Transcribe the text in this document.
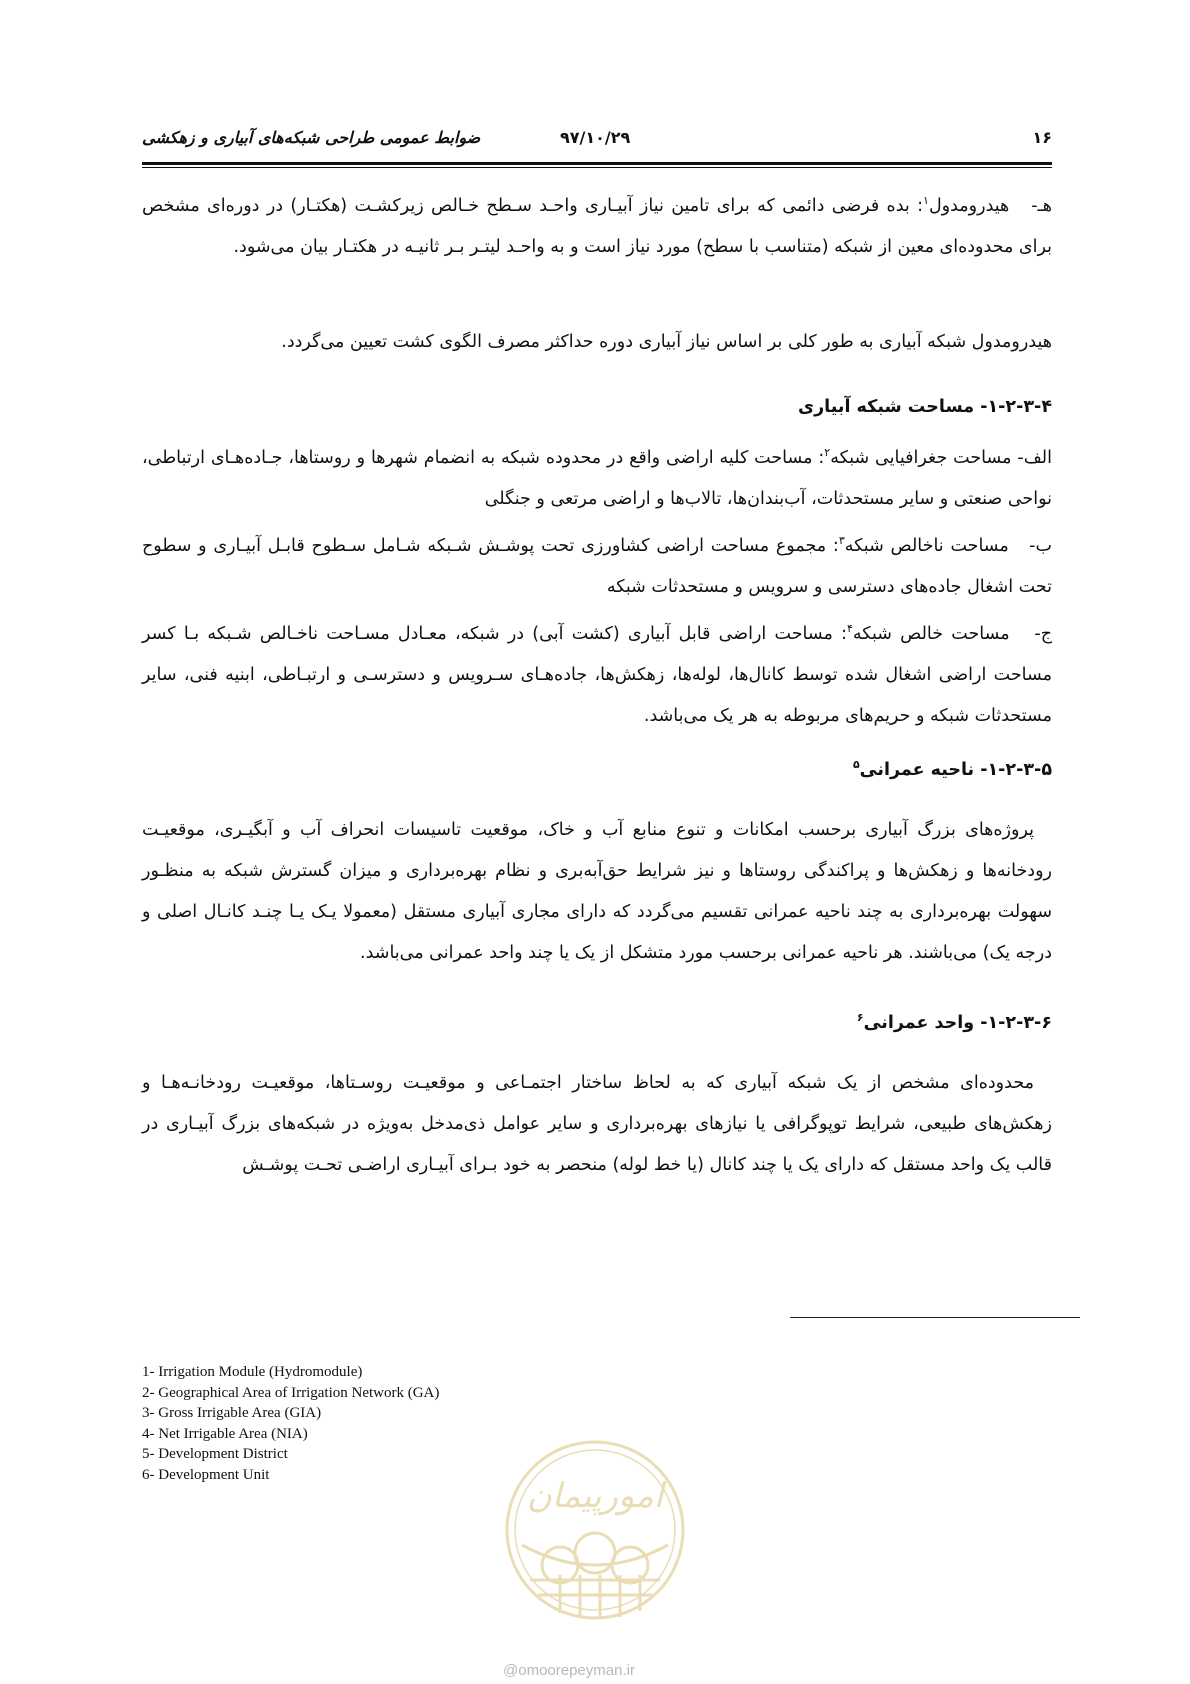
۱۶
۹۷/۱۰/۲۹
ضوابط عمومی طراحی شبکه‌های آبیاری و زهکشی
هـ-   هیدرومدول$^۱$: بده فرضی دائمی که برای تامین نیاز آبیـاری واحـد سـطح خـالص زیرکشـت (هکتـار) در دوره‌ای مشخص برای محدوده‌ای معین از شبکه (متناسب با سطح) مورد نیاز است و به واحـد لیتـر بـر ثانیـه در هکتـار بیان می‌شود.
هیدرومدول شبکه آبیاری به طور کلی بر اساس نیاز آبیاری دوره حداکثر مصرف الگوی کشت تعیین می‌گردد.
۱-۲-۳-۴- مساحت شبکه آبیاری
الف- مساحت جغرافیایی شبکه$^۲$: مساحت کلیه اراضی واقع در محدوده شبکه به انضمام شهرها و روستاها، جـاده‌هـای ارتباطی، نواحی صنعتی و سایر مستحدثات، آب‌بندان‌ها، تالاب‌ها و اراضی مرتعی و جنگلی
ب-   مساحت ناخالص شبکه$^۳$: مجموع مساحت اراضی کشاورزی تحت پوشـش شـبکه شـامل سـطوح قابـل آبیـاری و سطوح تحت اشغال جاده‌های دسترسی و سرویس و مستحدثات شبکه
ج-   مساحت خالص شبکه$^۴$: مساحت اراضی قابل آبیاری (کشت آبی) در شبکه، معـادل مسـاحت ناخـالص شـبکه بـا کسر مساحت اراضی اشغال شده توسط کانال‌ها، لوله‌ها، زهکش‌ها، جاده‌هـای سـرویس و دسترسـی و ارتبـاطی، ابنیه فنی، سایر مستحدثات شبکه و حریم‌های مربوطه به هر یک می‌باشد.
۱-۲-۳-۵- ناحیه عمرانی$^۵$
پروژه‌های بزرگ آبیاری برحسب امکانات و تنوع منابع آب و خاک، موقعیت تاسیسات انحراف آب و آبگیـری، موقعیـت رودخانه‌ها و زهکش‌ها و پراکندگی روستاها و نیز شرایط حق‌آبه‌بری و نظام بهره‌برداری و میزان گسترش شبکه به منظـور سهولت بهره‌برداری به چند ناحیه عمرانی تقسیم می‌گردد که دارای مجاری آبیاری مستقل (معمولا یـک یـا چنـد کانـال اصلی و درجه یک) می‌باشند. هر ناحیه عمرانی برحسب مورد متشکل از یک یا چند واحد عمرانی می‌باشد.
۱-۲-۳-۶- واحد عمرانی$^۶$
محدوده‌ای مشخص از یک شبکه آبیاری که به لحاظ ساختار اجتمـاعی و موقعیـت روسـتاها، موقعیـت رودخانـه‌هـا و زهکش‌های طبیعی، شرایط توپوگرافی یا نیازهای بهره‌برداری و سایر عوامل ذی‌مدخل به‌ویژه در شبکه‌های بزرگ آبیـاری در قالب یک واحد مستقل که دارای یک یا چند کانال (یا خط لوله) منحصر به خود بـرای آبیـاری اراضـی تحـت پوشـش
1- Irrigation Module (Hydromodule)
2- Geographical Area of Irrigation Network (GA)
3- Gross Irrigable Area (GIA)
4- Net Irrigable Area (NIA)
5- Development District
6- Development Unit
امورپیمان
@omoorepeyman.ir
